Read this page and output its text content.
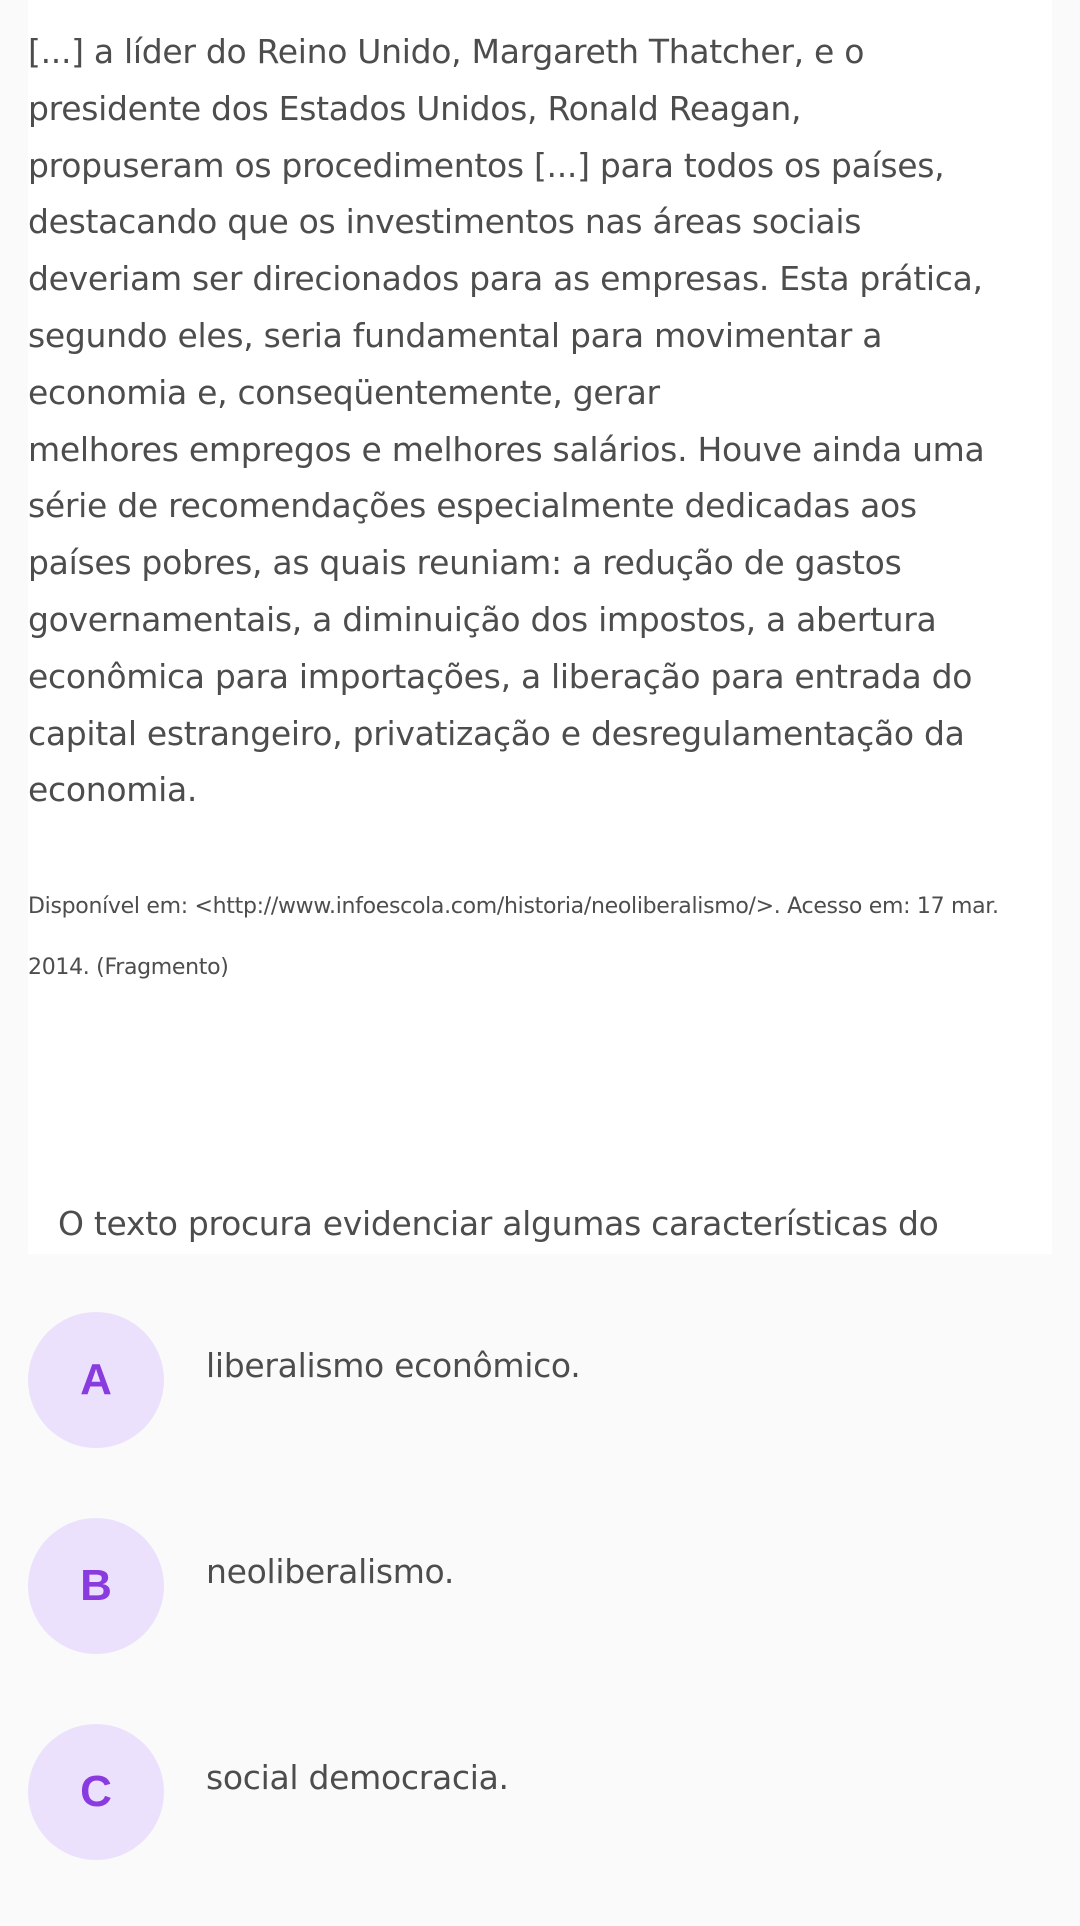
[...] a líder do Reino Unido, Margareth Thatcher, e o
presidente dos Estados Unidos, Ronald Reagan,
propuseram os procedimentos [...] para todos os países,
destacando que os investimentos nas áreas sociais
deveriam ser direcionados para as empresas. Esta prática,
segundo eles, seria fundamental para movimentar a
economia e, conseqüentemente, gerar
melhores empregos e melhores salários. Houve ainda uma
série de recomendações especialmente dedicadas aos
países pobres, as quais reuniam: a redução de gastos
governamentais, a diminuição dos impostos, a abertura
econômica para importações, a liberação para entrada do
capital estrangeiro, privatização e desregulamentação da
economia.

Disponível em: <http://www.infoescola.com/historia/neoliberalismo/>. Acesso em: 17 mar.
2014. (Fragmento)

O texto procura evidenciar algumas características do

A	liberalismo econômico.
B	neoliberalismo.
C	social democracia.
